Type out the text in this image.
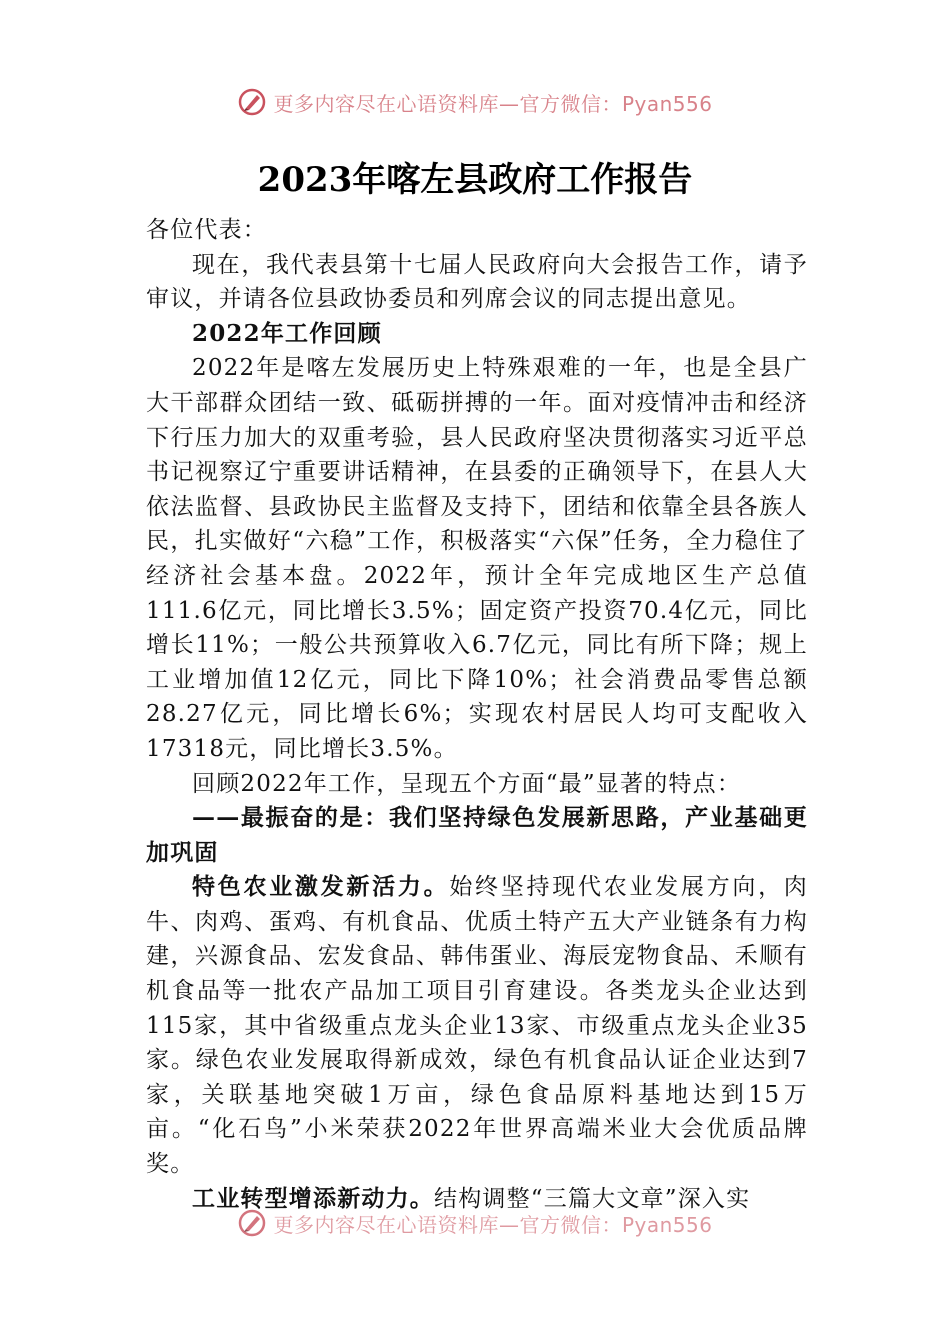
更多内容尽在心语资料库—官方微信：Pyan556
2023年喀左县政府工作报告

各位代表：

现在，我代表县第十七届人民政府向大会报告工作，请予审议，并请各位县政协委员和列席会议的同志提出意见。

2022年工作回顾

2022年是喀左发展历史上特殊艰难的一年，也是全县广大干部群众团结一致、砥砺拼搏的一年。面对疫情冲击和经济下行压力加大的双重考验，县人民政府坚决贯彻落实习近平总书记视察辽宁重要讲话精神，在县委的正确领导下，在县人大依法监督、县政协民主监督及支持下，团结和依靠全县各族人民，扎实做好“六稳”工作，积极落实“六保”任务，全力稳住了经济社会基本盘。2022年，预计全年完成地区生产总值111.6亿元，同比增长3.5%；固定资产投资70.4亿元，同比增长11%；一般公共预算收入6.7亿元，同比有所下降；规上工业增加值12亿元，同比下降10%；社会消费品零售总额28.27亿元，同比增长6%；实现农村居民人均可支配收入17318元，同比增长3.5%。

回顾2022年工作，呈现五个方面“最”显著的特点：

——最振奋的是：我们坚持绿色发展新思路，产业基础更加巩固

特色农业激发新活力。始终坚持现代农业发展方向，肉牛、肉鸡、蛋鸡、有机食品、优质土特产五大产业链条有力构建，兴源食品、宏发食品、韩伟蛋业、海辰宠物食品、禾顺有机食品等一批农产品加工项目引育建设。各类龙头企业达到115家，其中省级重点龙头企业13家、市级重点龙头企业35家。绿色农业发展取得新成效，绿色有机食品认证企业达到7家，关联基地突破1万亩，绿色食品原料基地达到15万亩。“化石鸟”小米荣获2022年世界高端米业大会优质品牌奖。

工业转型增添新动力。结构调整“三篇大文章”深入实

更多内容尽在心语资料库—官方微信：Pyan556
